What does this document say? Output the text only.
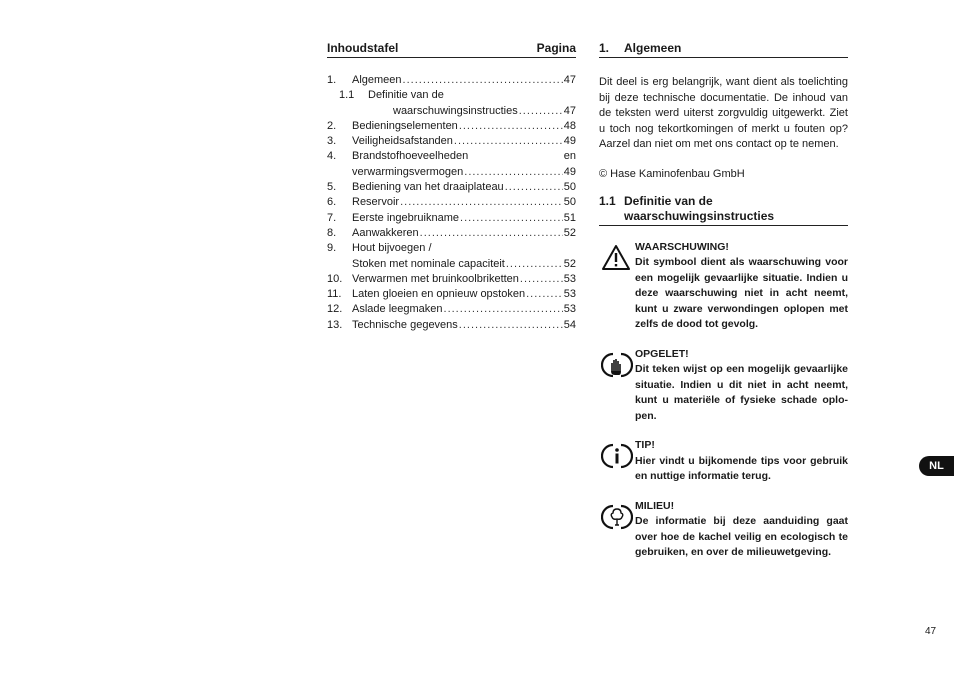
Inhoudstafel	Pagina
1.	Algemeen .....	47
1.1	Definitie van de
waarschuwingsinstructies .....	47
2.	Bedieningselementen .....	48
3.	Veiligheidsafstanden .....	49
4.	Brandstofhoeveelheden	en
verwarmingsvermogen .....	49
5.	Bediening van het draaiplateau .....	50
6.	Reservoir .....	50
7.	Eerste ingebruikname .....	51
8.	Aanwakkeren .....	52
9.	Hout bijvoegen /
Stoken met nominale capaciteit .....	52
10. Verwarmen met bruinkoolbriketten .....	53
11. Laten gloeien en opnieuw opstoken .....	53
12. Aslade leegmaken .....	53
13. Technische gegevens .....	54
1.	Algemeen
Dit deel is erg belangrijk, want dient als toelichting bij deze technische documentatie. De inhoud van de teksten werd uiterst zorgvuldig uitgewerkt. Ziet u toch nog tekortkomingen of merkt u fouten op? Aarzel dan niet om met ons contact op te nemen.
© Hase Kaminofenbau GmbH
1.1 Definitie van de
waarschuwingsinstructies
WAARSCHUWING!
Dit symbool dient als waarschuwing voor een mogelijk gevaarlijke situatie. Indien u deze waarschuwing niet in acht neemt, kunt u zware verwondingen oplopen met zelfs de dood tot gevolg.
OPGELET!
Dit teken wijst op een mogelijk gevaarlijke situatie. Indien u dit niet in acht neemt, kunt u materiële of fysieke schade oplo-pen.
TIP!
Hier vindt u bijkomende tips voor gebruik en nuttige informatie terug.
MILIEU!
De informatie bij deze aanduiding gaat over hoe de kachel veilig en ecologisch te gebruiken, en over de milieuwetgeving.
NL
47
